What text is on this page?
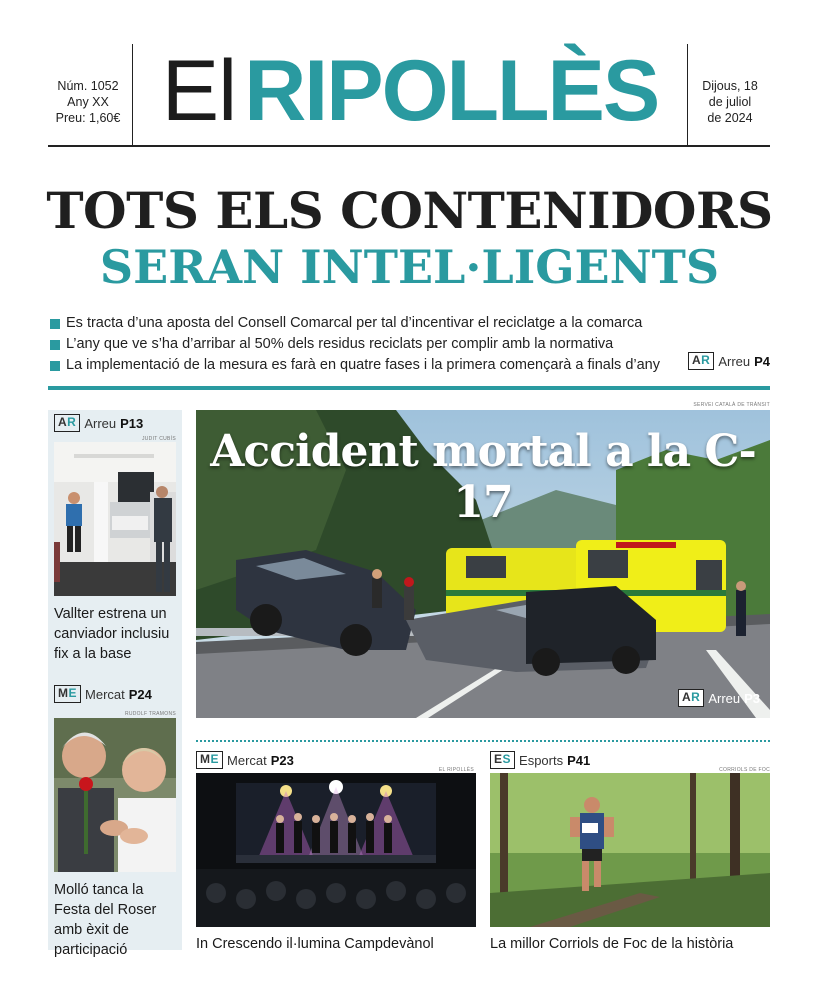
Núm. 1052
Any XX
Preu: 1,60€ El RIPOLLÈS	Dijous, 18
de juliol
de 2024
TOTS ELS CONTENIDORS
SERAN INTEL·LIGENTS
Es tracta d’una aposta del Consell Comarcal per tal d’incentivar el reciclatge a la comarca
L’any que ve s’ha d’arribar al 50% dels residus reciclats per complir amb la normativa
La implementació de la mesura es farà en quatre fases i la primera començarà a finals d’any	AR Arreu P4
AR Arreu P13
JUDIT CUBÍS
Vallter estrena un canviador inclusiu fix a la base
ME Mercat P24
RUDOLF TRAMONS
Molló tanca la Festa del Roser amb èxit de participació
SERVEI CATALÀ DE TRÀNSIT
Accident mortal a la C-17
AR Arreu P3
ME Mercat P23
EL RIPOLLÈS
In Crescendo il·lumina Campdevànol
ES Esports P41
CORRIOLS DE FOC
La millor Corriols de Foc de la història
